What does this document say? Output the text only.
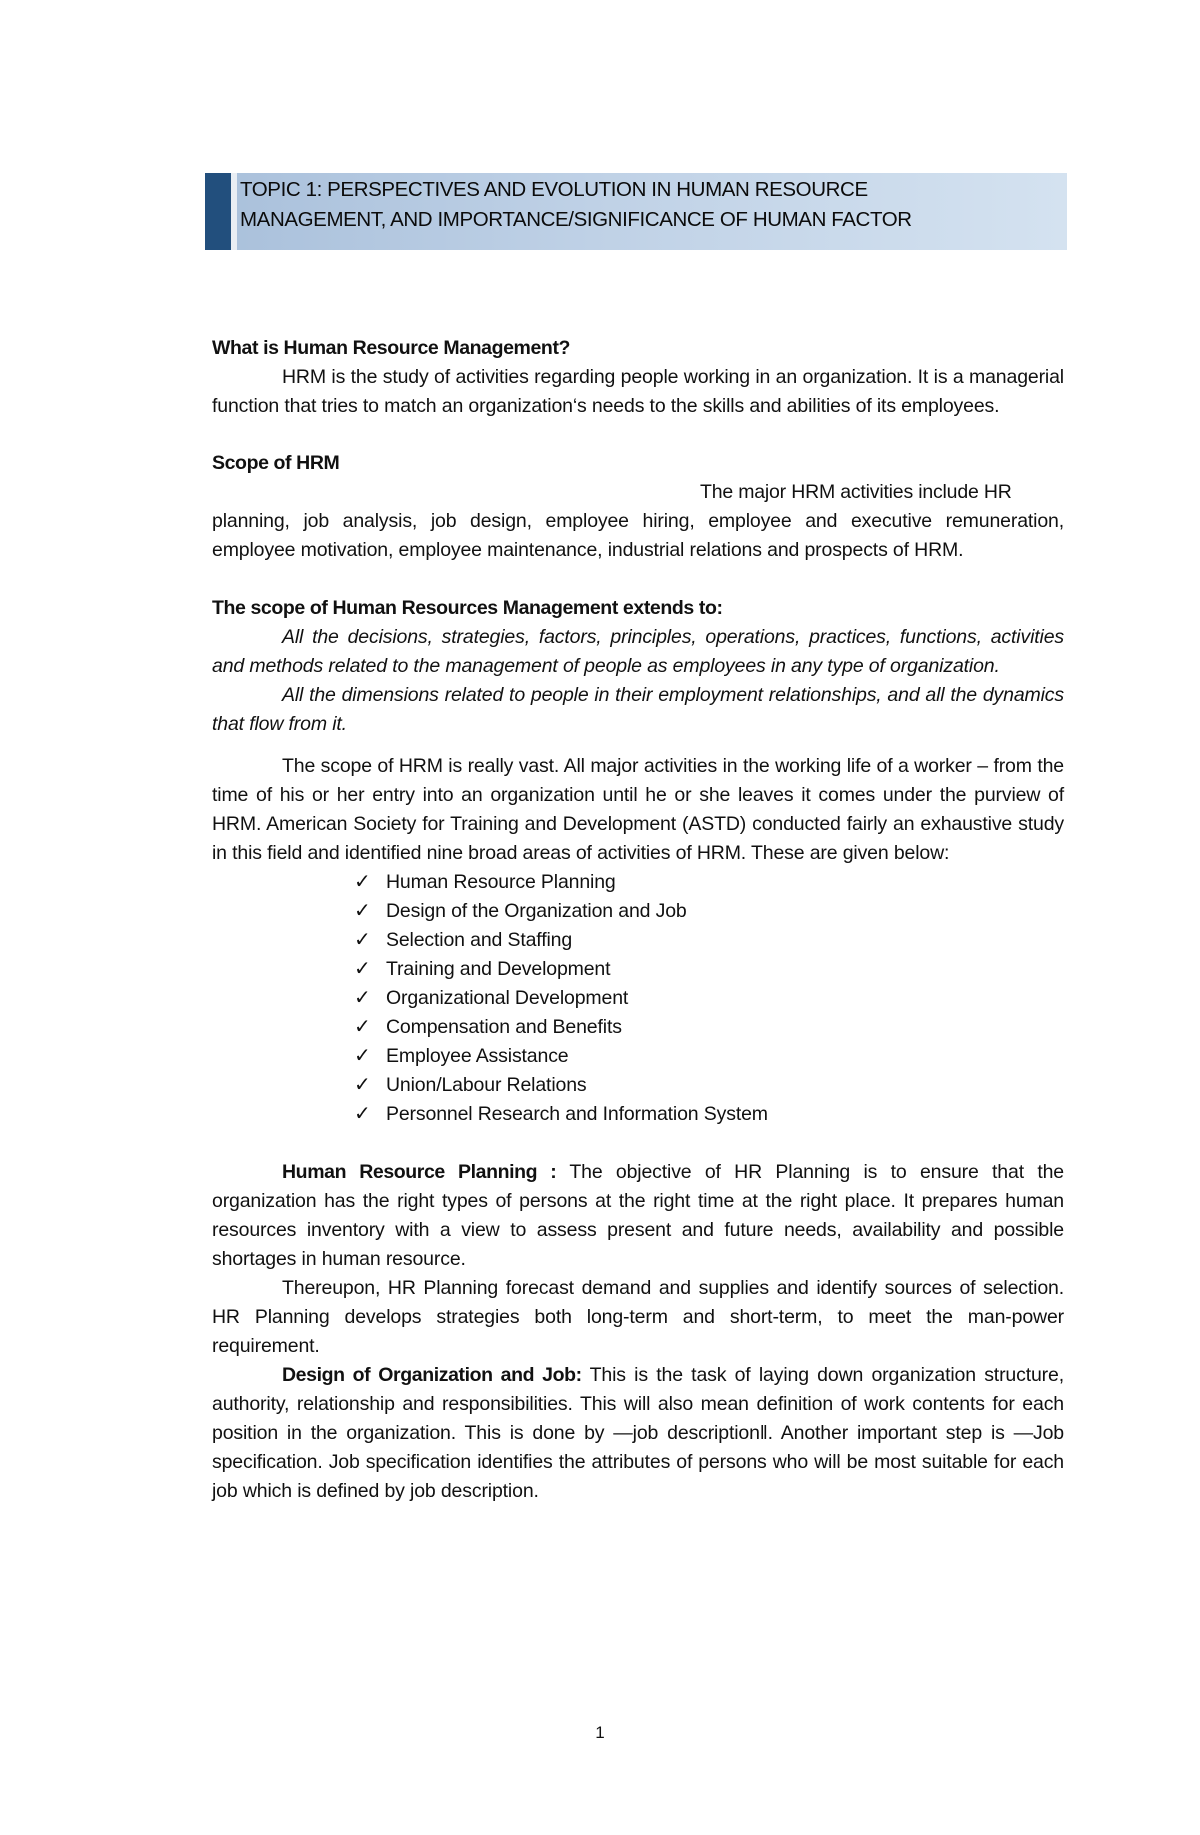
TOPIC 1: PERSPECTIVES AND EVOLUTION IN HUMAN RESOURCE
MANAGEMENT, AND IMPORTANCE/SIGNIFICANCE OF HUMAN FACTOR

What is Human Resource Management?

HRM is the study of activities regarding people working in an organization. It is a managerial function that tries to match an organization‘s needs to the skills and abilities of its employees.

Scope of HRM

The major HRM activities include HR

planning, job analysis, job design, employee hiring, employee and executive remuneration, employee motivation, employee maintenance, industrial relations and prospects of HRM.

The scope of Human Resources Management extends to:

All the decisions, strategies, factors, principles, operations, practices, functions, activities and methods related to the management of people as employees in any type of organization.

All the dimensions related to people in their employment relationships, and all the dynamics that flow from it.

The scope of HRM is really vast. All major activities in the working life of a worker – from the time of his or her entry into an organization until he or she leaves it comes under the purview of HRM. American Society for Training and Development (ASTD) conducted fairly an exhaustive study in this field and identified nine broad areas of activities of HRM. These are given below:

✓ Human Resource Planning
✓ Design of the Organization and Job
✓ Selection and Staffing
✓ Training and Development
✓ Organizational Development
✓ Compensation and Benefits
✓ Employee Assistance
✓ Union/Labour Relations
✓ Personnel Research and Information System

Human Resource Planning : The objective of HR Planning is to ensure that the organization has the right types of persons at the right time at the right place. It prepares human resources inventory with a view to assess present and future needs, availability and possible shortages in human resource.

Thereupon, HR Planning forecast demand and supplies and identify sources of selection. HR Planning develops strategies both long-term and short-term, to meet the man-power requirement.

Design of Organization and Job: This is the task of laying down organization structure, authority, relationship and responsibilities. This will also mean definition of work contents for each position in the organization. This is done by —job description‖. Another important step is —Job specification. Job specification identifies the attributes of persons who will be most suitable for each job which is defined by job description.

1
